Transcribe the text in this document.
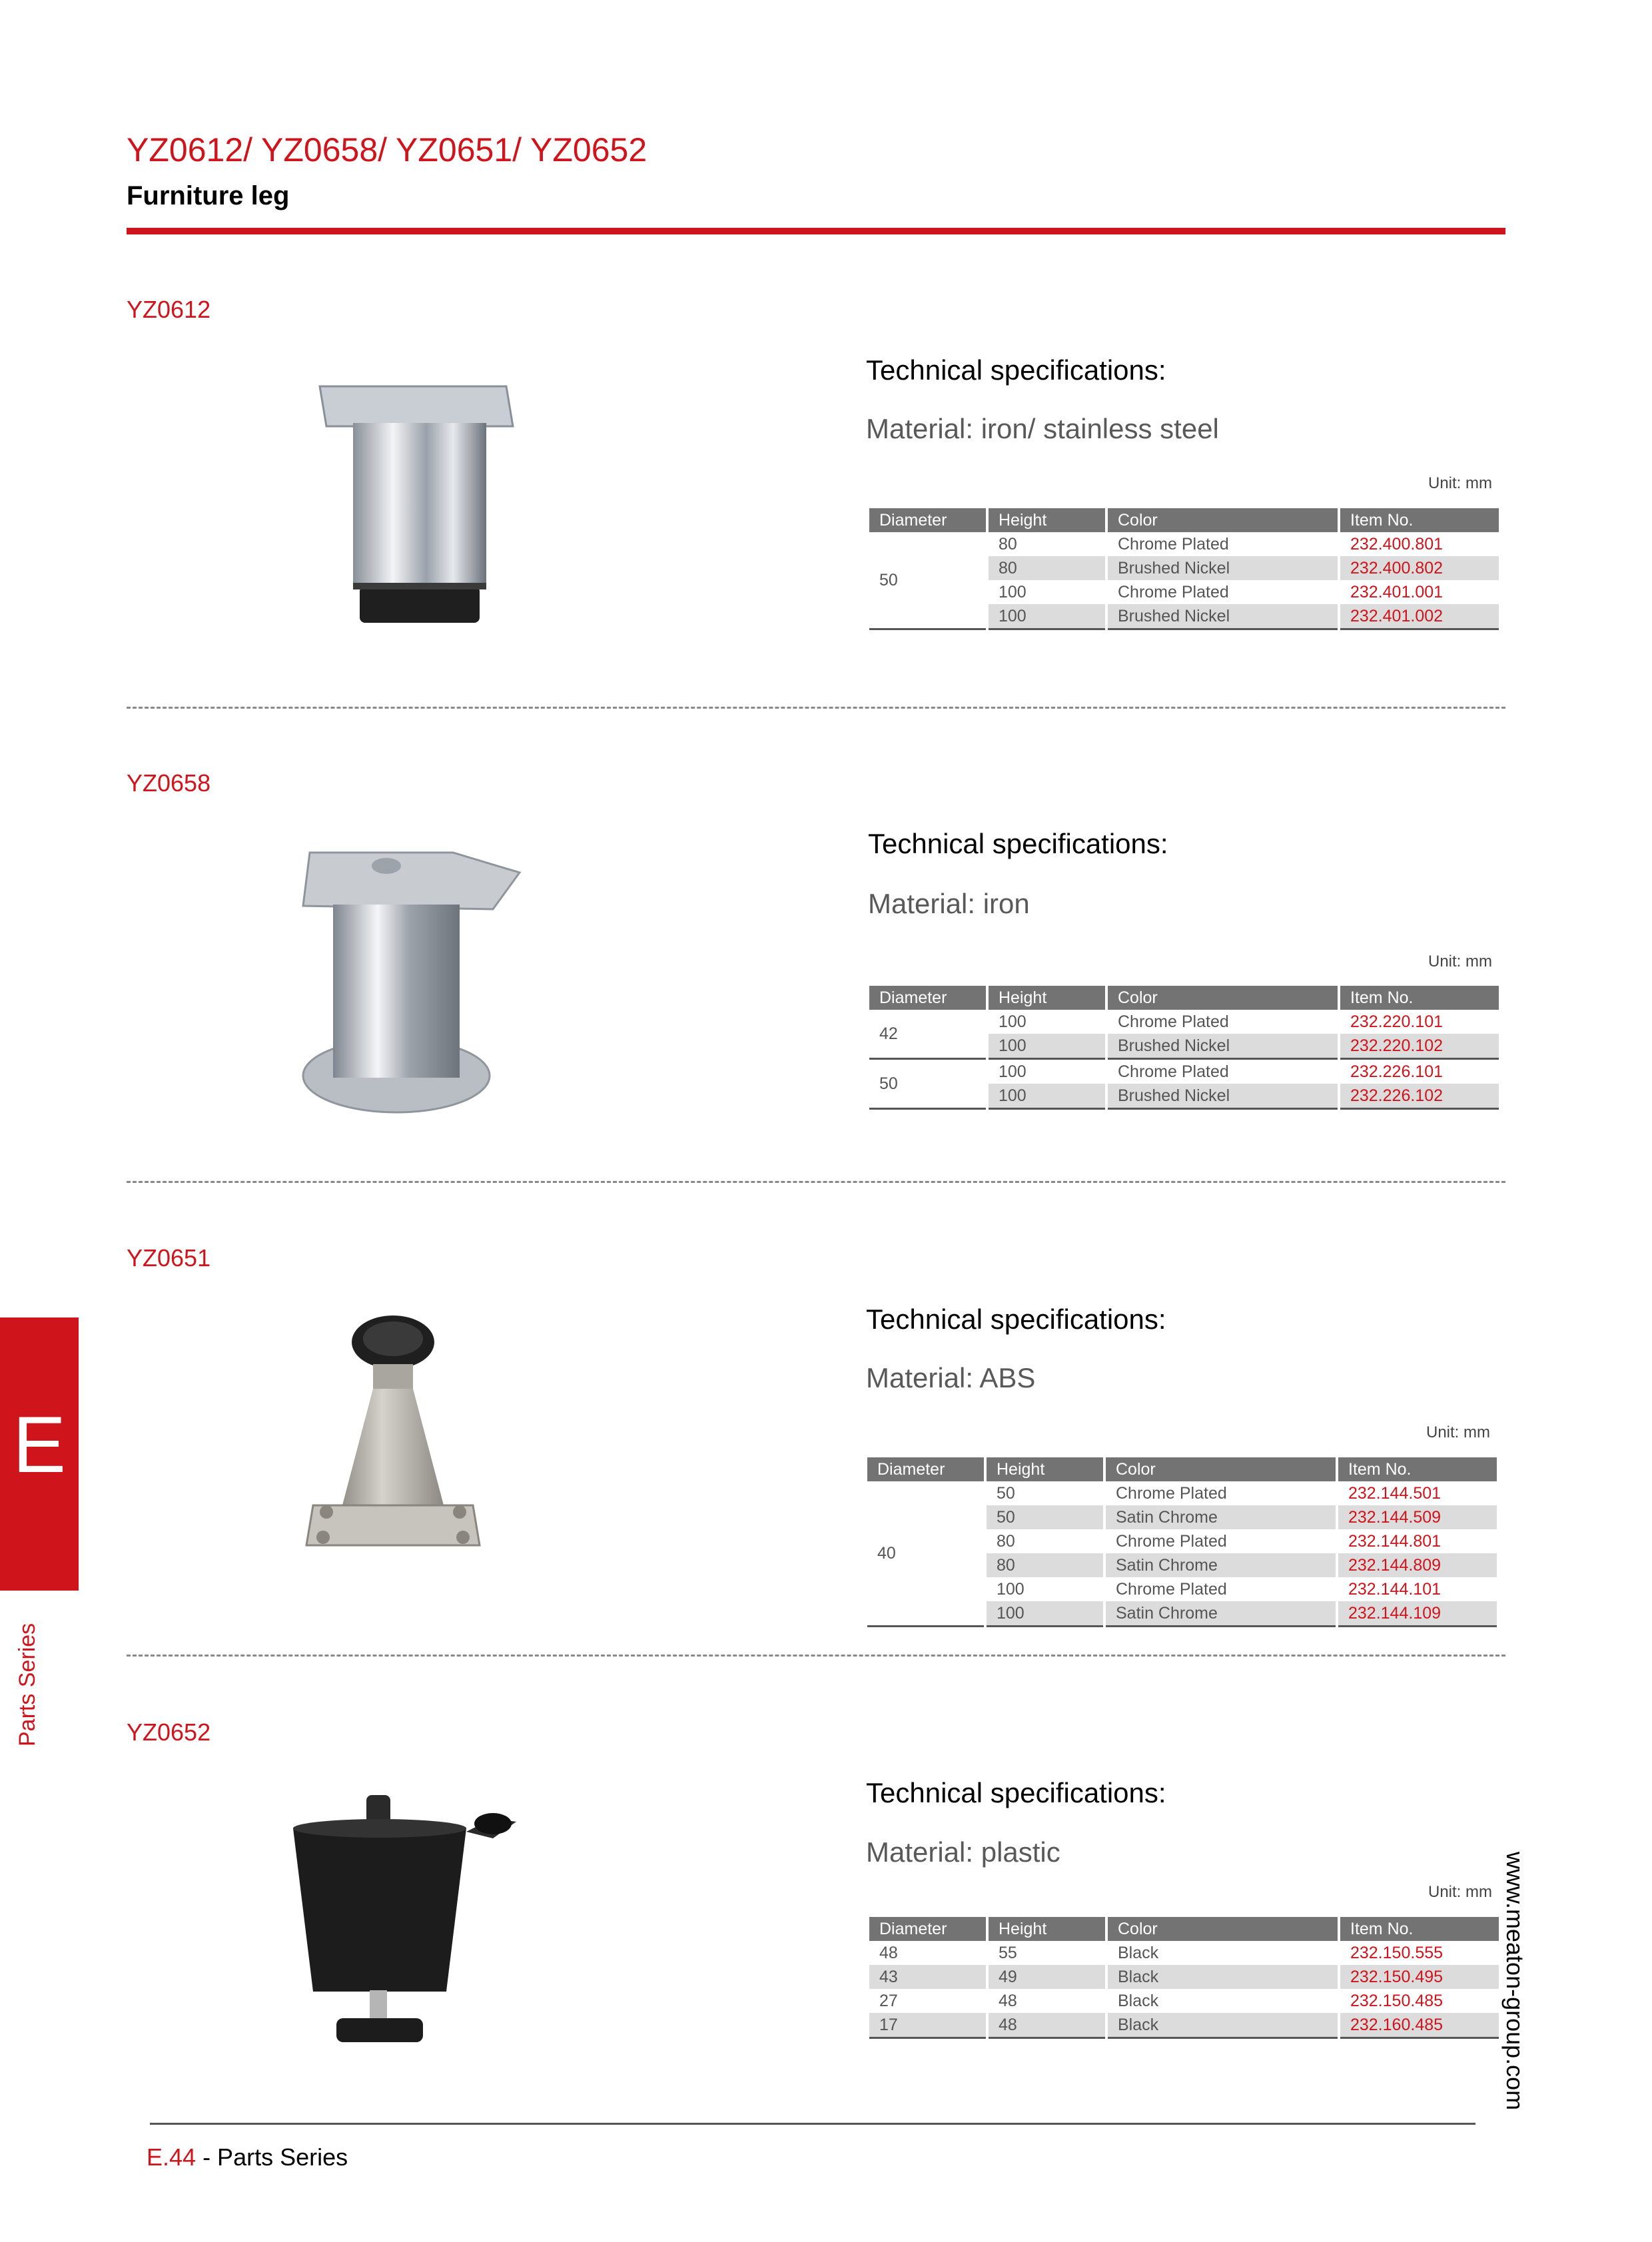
YZ0612/ YZ0658/ YZ0651/ YZ0652
Furniture leg
YZ0612
Technical specifications:
Material: iron/ stainless steel
Unit: mm
Diameter	Height	Color	Item No.
50	80	Chrome Plated	232.400.801
	80	Brushed Nickel	232.400.802
	100	Chrome Plated	232.401.001
	100	Brushed Nickel	232.401.002
YZ0658
Technical specifications:
Material: iron
Unit: mm
Diameter	Height	Color	Item No.
42	100	Chrome Plated	232.220.101
	100	Brushed Nickel	232.220.102
50	100	Chrome Plated	232.226.101
	100	Brushed Nickel	232.226.102
YZ0651
Technical specifications:
Material: ABS
Unit: mm
Diameter	Height	Color	Item No.
40	50	Chrome Plated	232.144.501
	50	Satin Chrome	232.144.509
	80	Chrome Plated	232.144.801
	80	Satin Chrome	232.144.809
	100	Chrome Plated	232.144.101
	100	Satin Chrome	232.144.109
YZ0652
Technical specifications:
Material: plastic
Unit: mm
Diameter	Height	Color	Item No.
48	55	Black	232.150.555
43	49	Black	232.150.495
27	48	Black	232.150.485
17	48	Black	232.160.485
E
Parts Series
www.meaton-group.com
E.44 - Parts Series
